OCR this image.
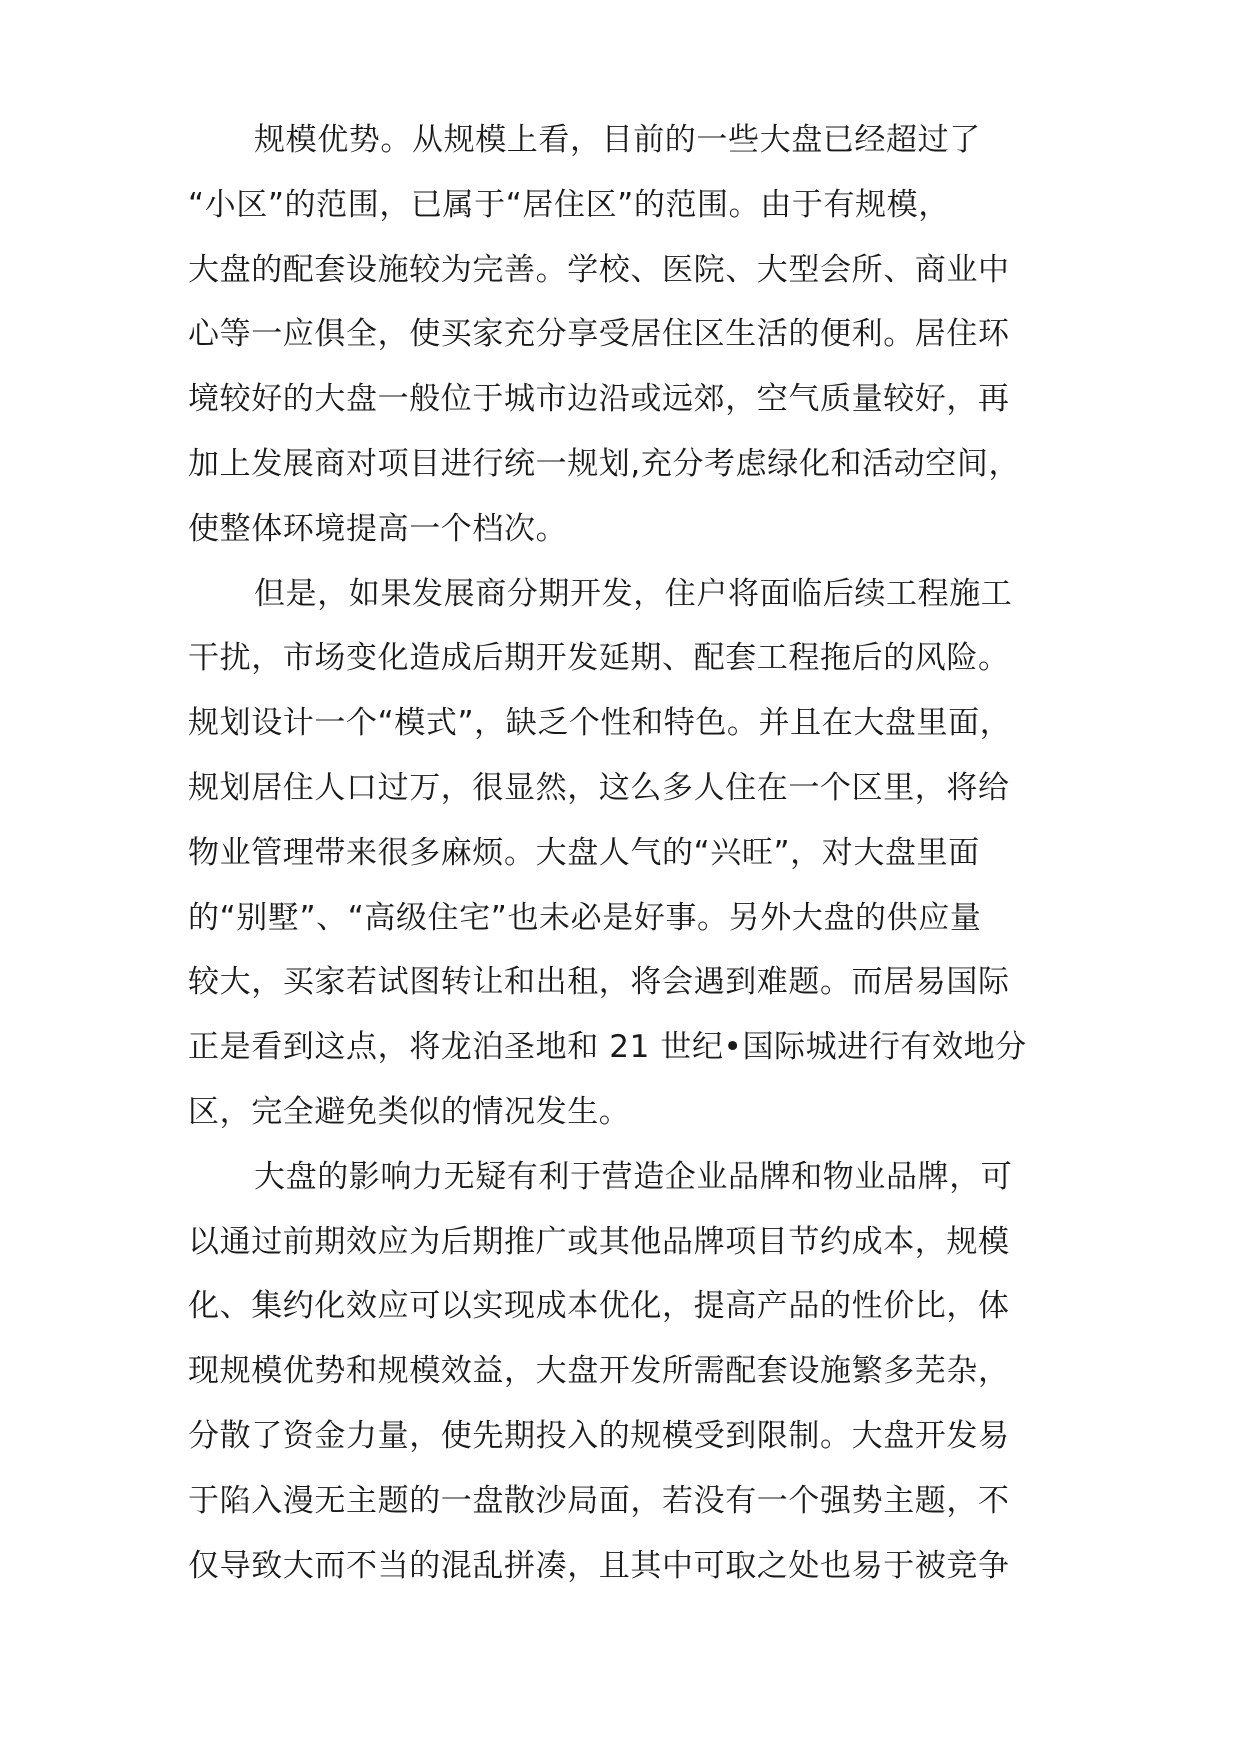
规模优势。从规模上看，目前的一些大盘已经超过了
“小区”的范围，已属于“居住区”的范围。由于有规模，
大盘的配套设施较为完善。学校、医院、大型会所、商业中
心等一应俱全，使买家充分享受居住区生活的便利。居住环
境较好的大盘一般位于城市边沿或远郊，空气质量较好，再
加上发展商对项目进行统一规划,充分考虑绿化和活动空间，
使整体环境提高一个档次。
但是，如果发展商分期开发，住户将面临后续工程施工
干扰，市场变化造成后期开发延期、配套工程拖后的风险。
规划设计一个“模式”，缺乏个性和特色。并且在大盘里面，
规划居住人口过万，很显然，这么多人住在一个区里，将给
物业管理带来很多麻烦。大盘人气的“兴旺”，对大盘里面
的“别墅”、“高级住宅”也未必是好事。另外大盘的供应量
较大，买家若试图转让和出租，将会遇到难题。而居易国际
正是看到这点，将龙泊圣地和 21 世纪•国际城进行有效地分
区，完全避免类似的情况发生。
大盘的影响力无疑有利于营造企业品牌和物业品牌，可
以通过前期效应为后期推广或其他品牌项目节约成本，规模
化、集约化效应可以实现成本优化，提高产品的性价比，体
现规模优势和规模效益，大盘开发所需配套设施繁多芜杂，
分散了资金力量，使先期投入的规模受到限制。大盘开发易
于陷入漫无主题的一盘散沙局面，若没有一个强势主题，不
仅导致大而不当的混乱拼凑，且其中可取之处也易于被竞争
